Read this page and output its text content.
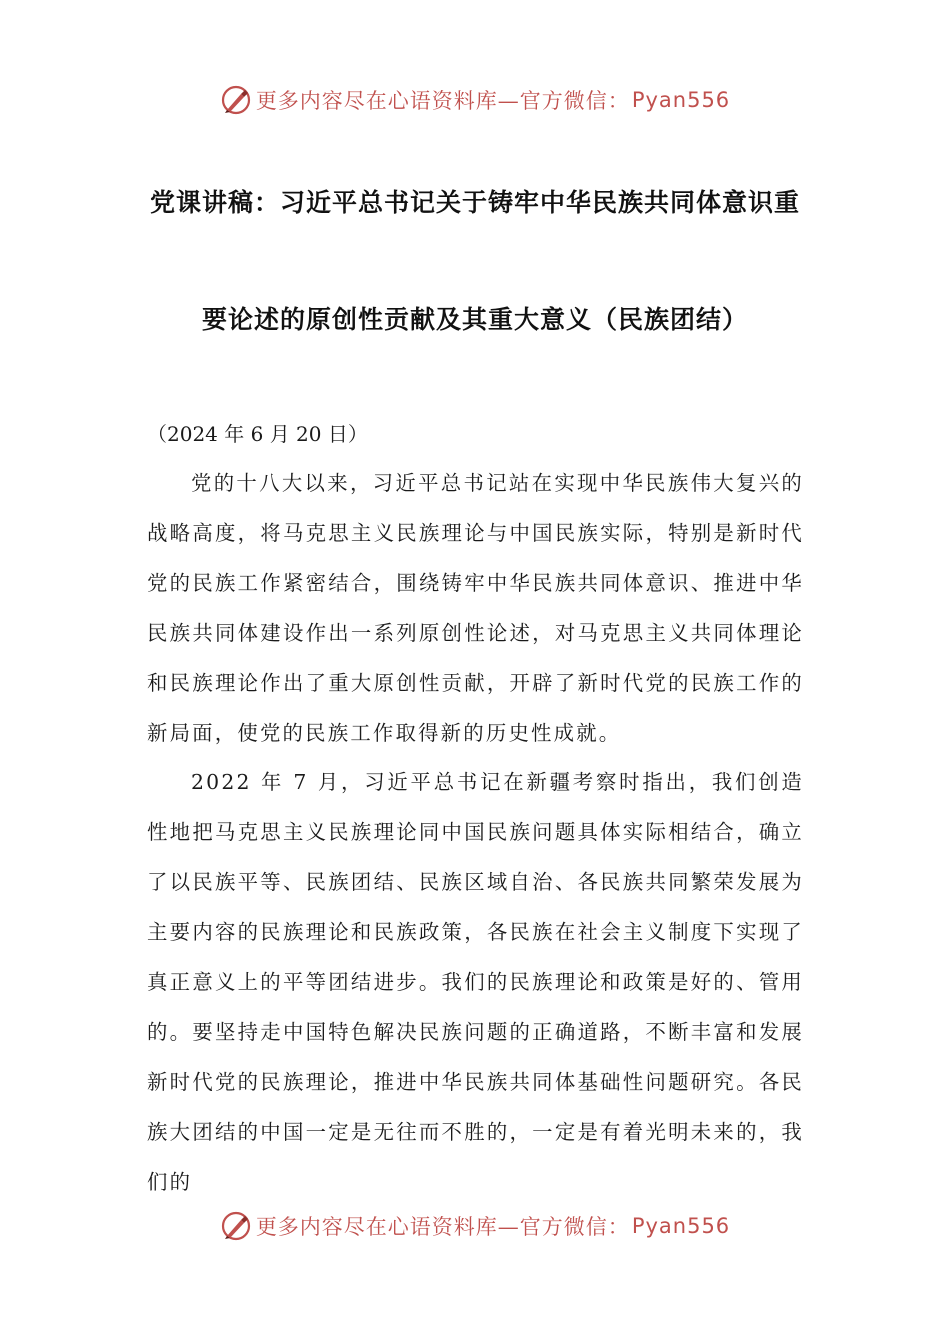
更多内容尽在心语资料库—官方微信： Pyan556
党课讲稿：习近平总书记关于铸牢中华民族共同体意识重
要论述的原创性贡献及其重大意义（民族团结）
（2024 年 6 月 20 日）

党的十八大以来，习近平总书记站在实现中华民族伟大复兴的战略高度，将马克思主义民族理论与中国民族实际，特别是新时代党的民族工作紧密结合，围绕铸牢中华民族共同体意识、推进中华民族共同体建设作出一系列原创性论述，对马克思主义共同体理论和民族理论作出了重大原创性贡献，开辟了新时代党的民族工作的新局面，使党的民族工作取得新的历史性成就。

2022 年 7 月，习近平总书记在新疆考察时指出，我们创造性地把马克思主义民族理论同中国民族问题具体实际相结合，确立了以民族平等、民族团结、民族区域自治、各民族共同繁荣发展为主要内容的民族理论和民族政策，各民族在社会主义制度下实现了真正意义上的平等团结进步。我们的民族理论和政策是好的、管用的。要坚持走中国特色解决民族问题的正确道路，不断丰富和发展新时代党的民族理论，推进中华民族共同体基础性问题研究。各民族大团结的中国一定是无往而不胜的，一定是有着光明未来的，我们的

更多内容尽在心语资料库—官方微信： Pyan556
